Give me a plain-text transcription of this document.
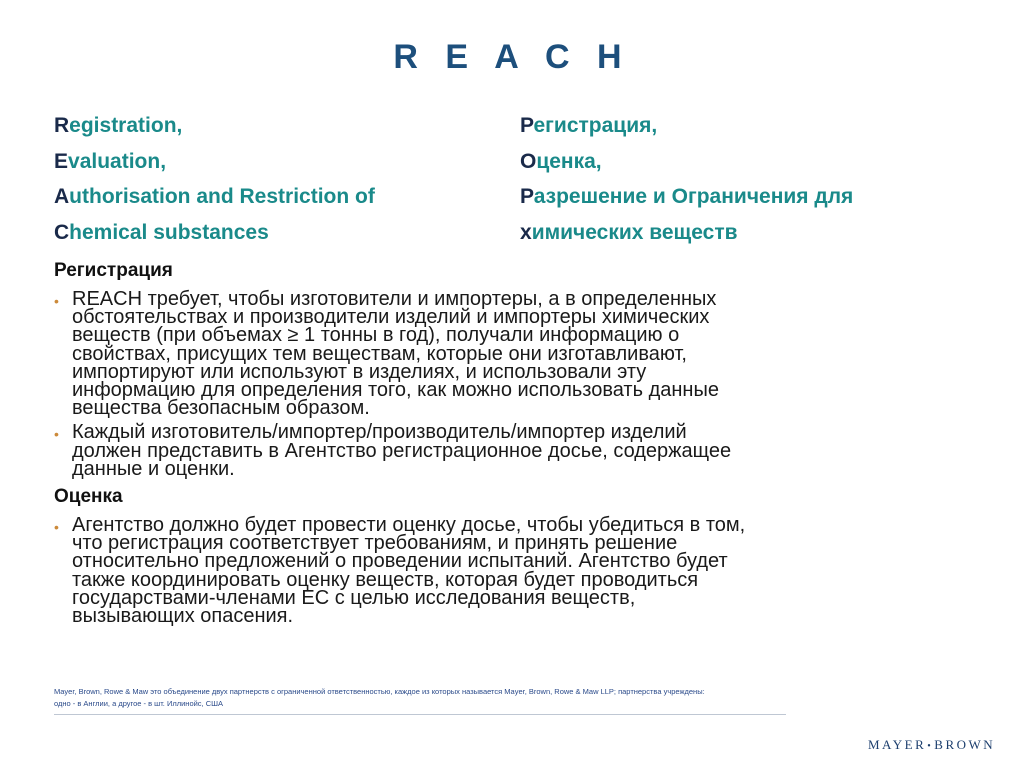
R E A C H
Registration,
Evaluation,
Authorisation and Restriction of
Chemical substances
Регистрация,
Оценка,
Разрешение и Ограничения для
химических веществ
Регистрация
• REACH требует, чтобы изготовители и импортеры, а в определенных
обстоятельствах и производители изделий и импортеры химических
веществ (при объемах ≥ 1 тонны в год), получали информацию о
свойствах, присущих тем веществам, которые они изготавливают,
импортируют или используют в изделиях, и использовали эту
информацию для определения того, как можно использовать данные
вещества безопасным образом.
• Каждый изготовитель/импортер/производитель/импортер изделий
должен представить в Агентство регистрационное досье, содержащее
данные и оценки.
Оценка
• Агентство должно будет провести оценку досье, чтобы убедиться в том,
что регистрация соответствует требованиям, и принять решение
относительно предложений о проведении испытаний. Агентство будет
также координировать оценку веществ, которая будет проводиться
государствами-членами ЕС с целью исследования веществ,
вызывающих опасения.
Mayer, Brown, Rowe & Maw это объединение двух партнерств с ограниченной ответственностью, каждое из которых называется Mayer, Brown, Rowe & Maw LLP; партнерства учреждены:
одно - в Англии, а другое - в шт. Иллинойс, США
MAYER•BROWN
